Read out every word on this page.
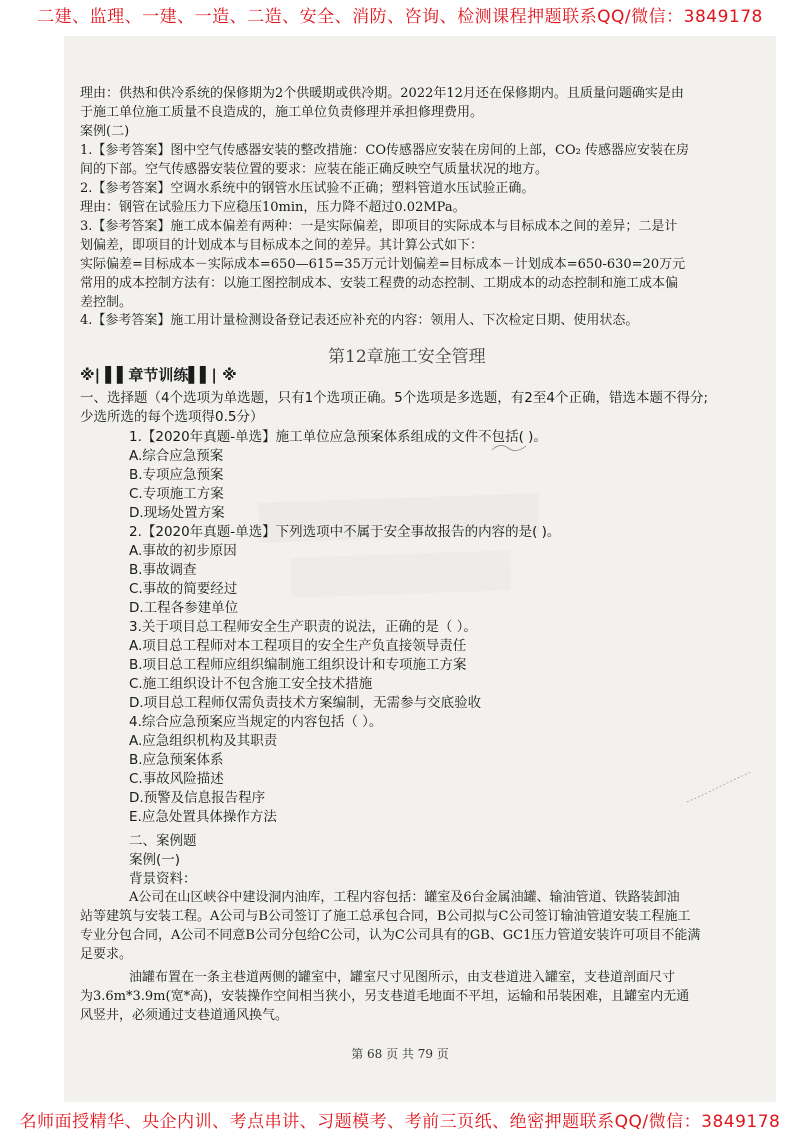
二建、监理、一建、一造、二造、安全、消防、咨询、检测课程押题联系QQ/微信：3849178
理由：供热和供冷系统的保修期为2个供暖期或供冷期。2022年12月还在保修期内。且质量问题确实是由
于施工单位施工质量不良造成的，施工单位负责修理并承担修理费用。
案例(二)
1.【参考答案】图中空气传感器安装的整改措施：CO传感器应安装在房间的上部，CO₂ 传感器应安装在房
间的下部。空气传感器安装位置的要求：应装在能正确反映空气质量状况的地方。
2.【参考答案】空调水系统中的钢管水压试验不正确；塑料管道水压试验正确。
理由：钢管在试验压力下应稳压10min，压力降不超过0.02MPa。
3.【参考答案】施工成本偏差有两种：一是实际偏差，即项目的实际成本与目标成本之间的差异；二是计
划偏差，即项目的计划成本与目标成本之间的差异。其计算公式如下：
实际偏差=目标成本－实际成本=650—615=35万元计划偏差=目标成本－计划成本=650-630=20万元
常用的成本控制方法有：以施工图控制成本、安装工程费的动态控制、工期成本的动态控制和施工成本偏
差控制。
4.【参考答案】施工用计量检测设备登记表还应补充的内容：领用人、下次检定日期、使用状态。
第12章施工安全管理
※| ▌▌章节训练▌▌| ※
一、选择题（4个选项为单选题，只有1个选项正确。5个选项是多选题，有2至4个正确，错选本题不得分;
少选所选的每个选项得0.5分）
1.【2020年真题-单选】施工单位应急预案体系组成的文件不包括( )。
A.综合应急预案
B.专项应急预案
C.专项施工方案
D.现场处置方案
2.【2020年真题-单选】下列选项中不属于安全事故报告的内容的是( )。
A.事故的初步原因
B.事故调查
C.事故的简要经过
D.工程各参建单位
3.关于项目总工程师安全生产职责的说法，正确的是（ ）。
A.项目总工程师对本工程项目的安全生产负直接领导责任
B.项目总工程师应组织编制施工组织设计和专项施工方案
C.施工组织设计不包含施工安全技术措施
D.项目总工程师仅需负责技术方案编制，无需参与交底验收
4.综合应急预案应当规定的内容包括（ ）。
A.应急组织机构及其职责
B.应急预案体系
C.事故风险描述
D.预警及信息报告程序
E.应急处置具体操作方法
二、案例题
案例(一)
背景资料：
A公司在山区峡谷中建设洞内油库，工程内容包括：罐室及6台金属油罐、输油管道、铁路装卸油
站等建筑与安装工程。A公司与B公司签订了施工总承包合同，B公司拟与C公司签订输油管道安装工程施工
专业分包合同，A公司不同意B公司分包给C公司，认为C公司具有的GB、GC1压力管道安装许可项目不能满
足要求。
油罐布置在一条主巷道两侧的罐室中，罐室尺寸见图所示，由支巷道进入罐室，支巷道剖面尺寸
为3.6m*3.9m(宽*高)，安装操作空间相当狭小，另支巷道毛地面不平坦，运输和吊装困难，且罐室内无通
风竖井，必须通过支巷道通风换气。
第 68 页 共 79 页
名师面授精华、央企内训、考点串讲、习题模考、考前三页纸、绝密押题联系QQ/微信：3849178
